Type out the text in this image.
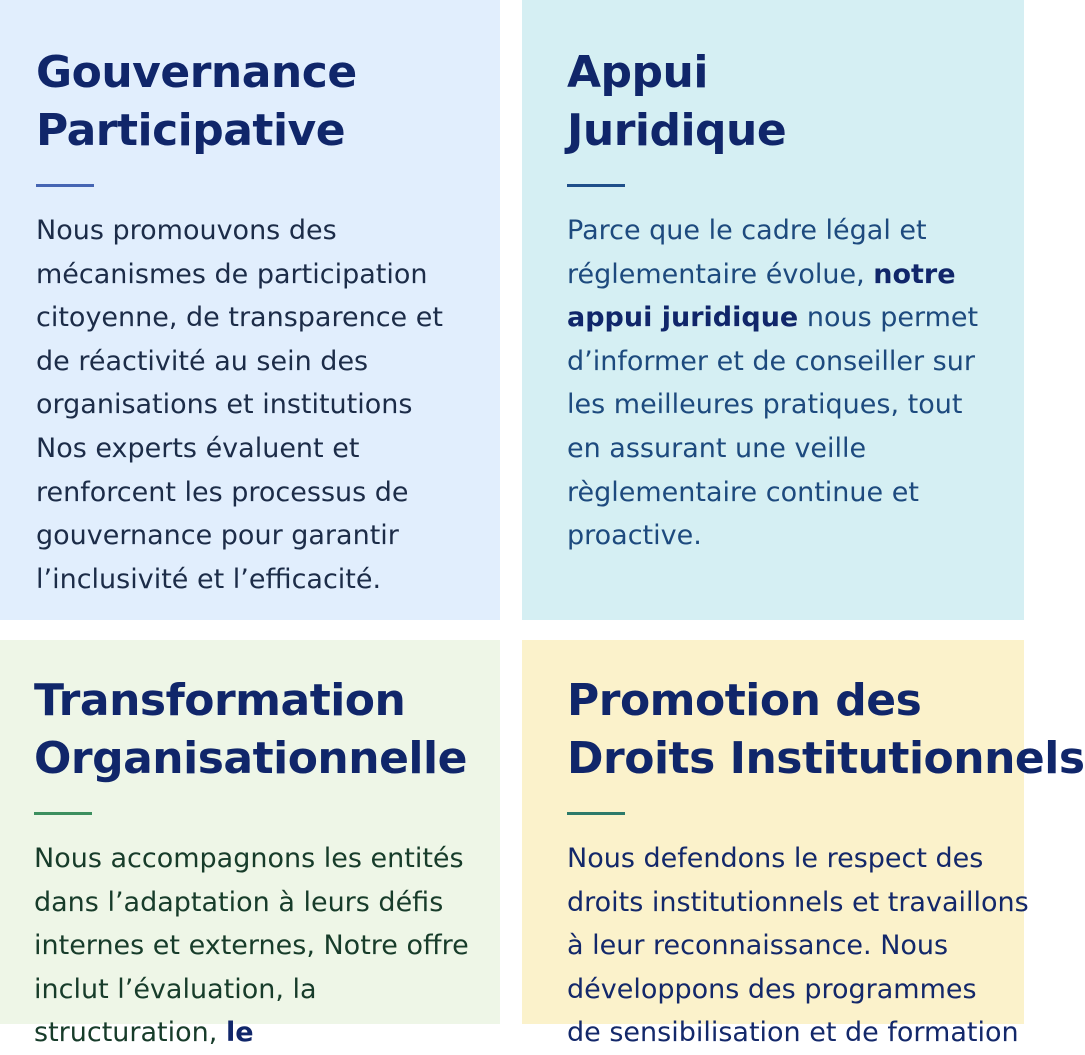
Gouvernance
Participative

Nous promouvons des
mécanismes de participation
citoyenne, de transparence et
de réactivité au sein des
organisations et institutions
Nos experts évaluent et
renforcent les processus de
gouvernance pour garantir
l’inclusivité et l’efficacité.

Appui
Juridique

Parce que le cadre légal et
réglementaire évolue, notre
appui juridique nous permet
d’informer et de conseiller sur
les meilleures pratiques, tout
en assurant une veille
règlementaire continue et
proactive.

Transformation
Organisationnelle

Nous accompagnons les entités
dans l’adaptation à leurs défis
internes et externes, Notre offre
inclut l’évaluation, la
structuration, le

Promotion des
Droits Institutionnels

Nous defendons le respect des
droits institutionnels et travaillons
à leur reconnaissance. Nous
développons des programmes
de sensibilisation et de formation
